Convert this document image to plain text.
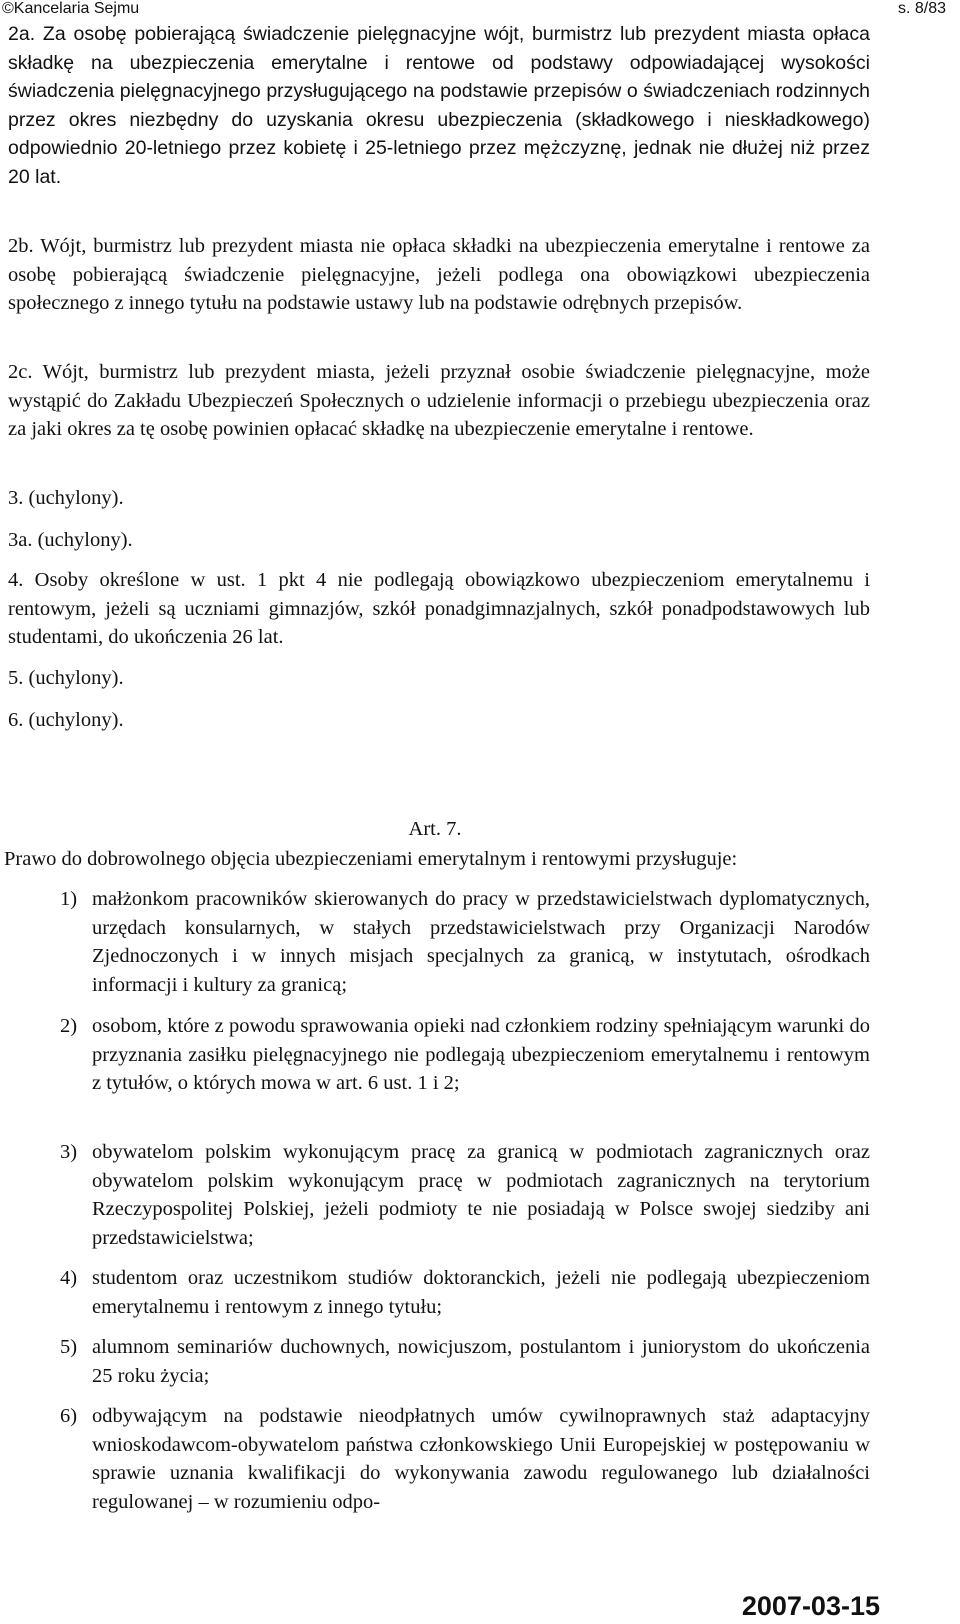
©Kancelaria Sejmu	s. 8/83

2a. Za osobę pobierającą świadczenie pielęgnacyjne wójt, burmistrz lub prezydent miasta opłaca składkę na ubezpieczenia emerytalne i rentowe od podstawy odpowiadającej wysokości świadczenia pielęgnacyjnego przysługującego na podstawie przepisów o świadczeniach rodzinnych przez okres niezbędny do uzyskania okresu ubezpieczenia (składkowego i nieskładkowego) odpowiednio 20-letniego przez kobietę i 25-letniego przez mężczyznę, jednak nie dłużej niż przez 20 lat.

2b. Wójt, burmistrz lub prezydent miasta nie opłaca składki na ubezpieczenia emerytalne i rentowe za osobę pobierającą świadczenie pielęgnacyjne, jeżeli podlega ona obowiązkowi ubezpieczenia społecznego z innego tytułu na podstawie ustawy lub na podstawie odrębnych przepisów.

2c. Wójt, burmistrz lub prezydent miasta, jeżeli przyznał osobie świadczenie pielęgnacyjne, może wystąpić do Zakładu Ubezpieczeń Społecznych o udzielenie informacji o przebiegu ubezpieczenia oraz za jaki okres za tę osobę powinien opłacać składkę na ubezpieczenie emerytalne i rentowe.

3. (uchylony).

3a. (uchylony).

4. Osoby określone w ust. 1 pkt 4 nie podlegają obowiązkowo ubezpieczeniom emerytalnemu i rentowym, jeżeli są uczniami gimnazjów, szkół ponadgimnazjalnych, szkół ponadpodstawowych lub studentami, do ukończenia 26 lat.

5. (uchylony).

6. (uchylony).

Art. 7.

Prawo do dobrowolnego objęcia ubezpieczeniami emerytalnym i rentowymi przysługuje:

1) małżonkom pracowników skierowanych do pracy w przedstawicielstwach dyplomatycznych, urzędach konsularnych, w stałych przedstawicielstwach przy Organizacji Narodów Zjednoczonych i w innych misjach specjalnych za granicą, w instytutach, ośrodkach informacji i kultury za granicą;
2) osobom, które z powodu sprawowania opieki nad członkiem rodziny spełniającym warunki do przyznania zasiłku pielęgnacyjnego nie podlegają ubezpieczeniom emerytalnemu i rentowym z tytułów, o których mowa w art. 6 ust. 1 i 2;
3) obywatelom polskim wykonującym pracę za granicą w podmiotach zagranicznych oraz obywatelom polskim wykonującym pracę w podmiotach zagranicznych na terytorium Rzeczypospolitej Polskiej, jeżeli podmioty te nie posiadają w Polsce swojej siedziby ani przedstawicielstwa;
4) studentom oraz uczestnikom studiów doktoranckich, jeżeli nie podlegają ubezpieczeniom emerytalnemu i rentowym z innego tytułu;
5) alumnom seminariów duchownych, nowicjuszom, postulantom i juniorystom do ukończenia 25 roku życia;
6) odbywającym na podstawie nieodpłatnych umów cywilnoprawnych staż adaptacyjny wnioskodawcom-obywatelom państwa członkowskiego Unii Europejskiej w postępowaniu w sprawie uznania kwalifikacji do wykonywania zawodu regulowanego lub działalności regulowanej – w rozumieniu odpo-
2007-03-15
